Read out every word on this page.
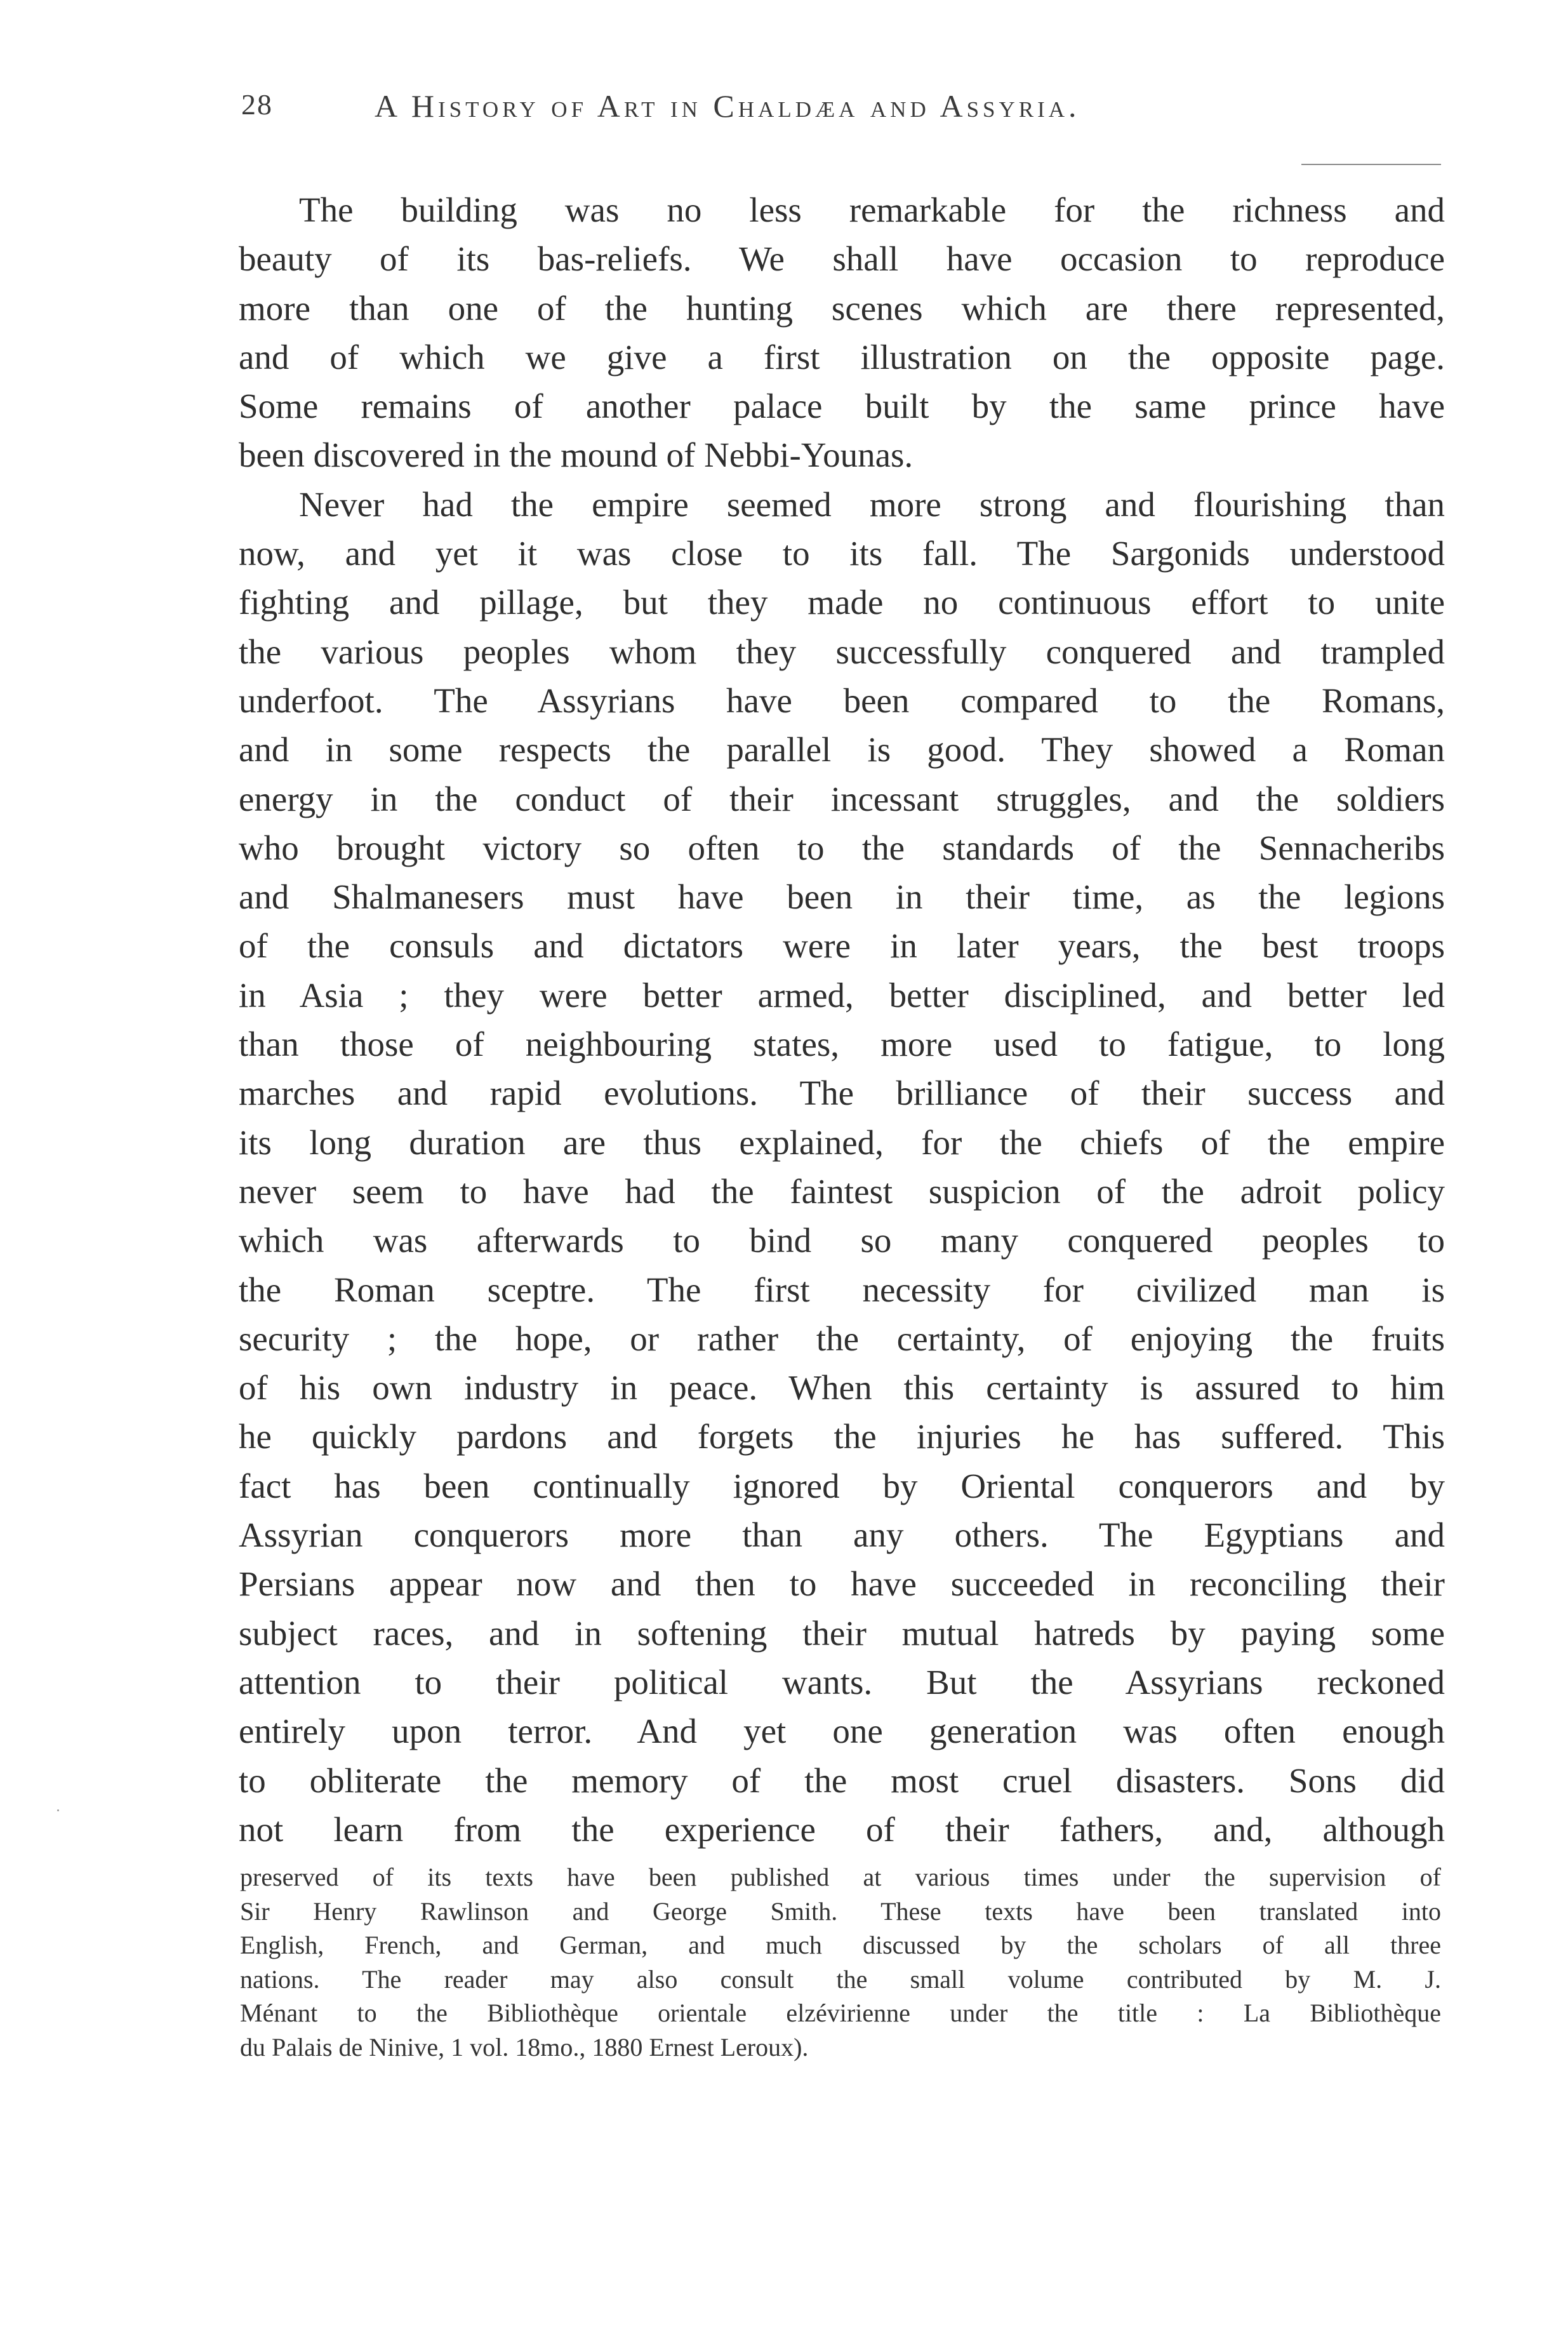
28	A History of Art in Chaldæa and Assyria.
The building was no less remarkable for the richness and
beauty of its bas-reliefs. We shall have occasion to reproduce
more than one of the hunting scenes which are there represented,
and of which we give a first illustration on the opposite page.
Some remains of another palace built by the same prince have
been discovered in the mound of Nebbi-Younas.
Never had the empire seemed more strong and flourishing than
now, and yet it was close to its fall. The Sargonids understood
fighting and pillage, but they made no continuous effort to unite
the various peoples whom they successfully conquered and trampled
underfoot. The Assyrians have been compared to the Romans,
and in some respects the parallel is good. They showed a Roman
energy in the conduct of their incessant struggles, and the soldiers
who brought victory so often to the standards of the Sennacheribs
and Shalmanesers must have been in their time, as the legions
of the consuls and dictators were in later years, the best troops
in Asia ; they were better armed, better disciplined, and better led
than those of neighbouring states, more used to fatigue, to long
marches and rapid evolutions. The brilliance of their success and
its long duration are thus explained, for the chiefs of the empire
never seem to have had the faintest suspicion of the adroit policy
which was afterwards to bind so many conquered peoples to
the Roman sceptre. The first necessity for civilized man is
security ; the hope, or rather the certainty, of enjoying the fruits
of his own industry in peace. When this certainty is assured to him
he quickly pardons and forgets the injuries he has suffered. This
fact has been continually ignored by Oriental conquerors and by
Assyrian conquerors more than any others. The Egyptians and
Persians appear now and then to have succeeded in reconciling their
subject races, and in softening their mutual hatreds by paying some
attention to their political wants. But the Assyrians reckoned
entirely upon terror. And yet one generation was often enough
to obliterate the memory of the most cruel disasters. Sons did
not learn from the experience of their fathers, and, although
preserved of its texts have been published at various times under the supervision of
Sir Henry Rawlinson and George Smith. These texts have been translated into
English, French, and German, and much discussed by the scholars of all three
nations. The reader may also consult the small volume contributed by M. J.
Ménant to the Bibliothèque orientale elzévirienne under the title : La Bibliothèque
du Palais de Ninive, 1 vol. 18mo., 1880 Ernest Leroux).
